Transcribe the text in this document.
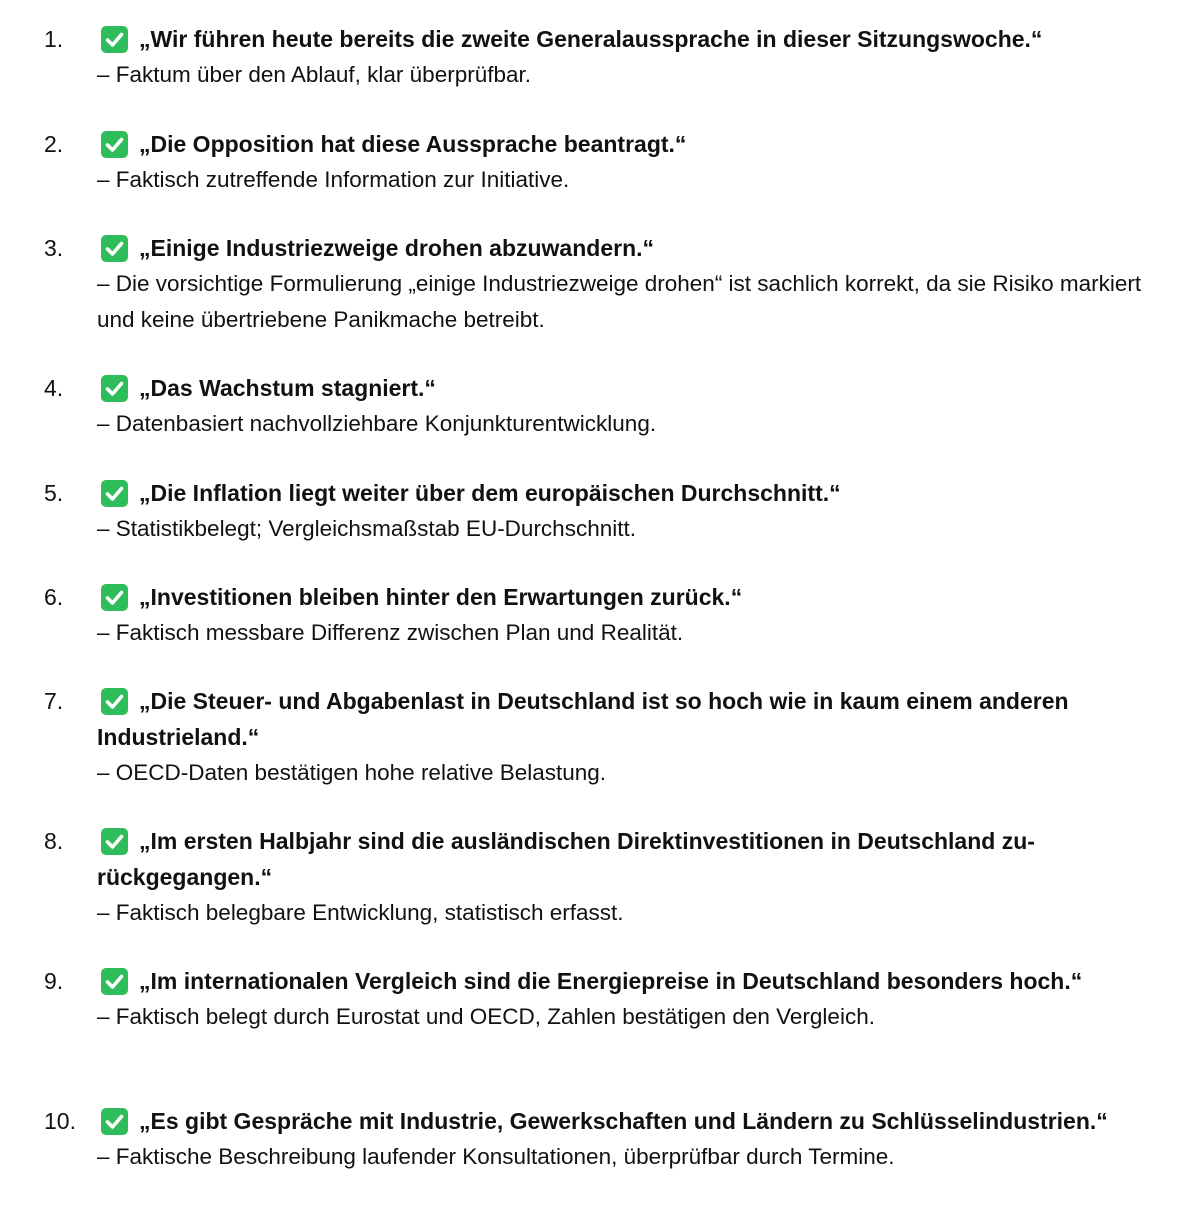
1.	„Wir führen heute bereits die zweite Generalaussprache in dieser Sitzungswoche.“

– Faktum über den Ablauf, klar überprüfbar.

2.	„Die Opposition hat diese Aussprache beantragt.“

– Faktisch zutreffende Information zur Initiative.

3.	„Einige Industriezweige drohen abzuwandern.“

– Die vorsichtige Formulierung „einige Industriezweige drohen“ ist sachlich korrekt, da sie Risiko markiert und keine übertriebene Panikmache betreibt.

4.	„Das Wachstum stagniert.“

– Datenbasiert nachvollziehbare Konjunkturentwicklung.

5.	„Die Inflation liegt weiter über dem europäischen Durchschnitt.“

– Statistikbelegt; Vergleichsmaßstab EU-Durchschnitt.

6.	„Investitionen bleiben hinter den Erwartungen zurück.“

– Faktisch messbare Differenz zwischen Plan und Realität.

7.	„Die Steuer- und Abgabenlast in Deutschland ist so hoch wie in kaum einem anderen Industrieland.“

– OECD-Daten bestätigen hohe relative Belastung.

8.	„Im ersten Halbjahr sind die ausländischen Direktinvestitionen in Deutschland zurückgegangen.“

– Faktisch belegbare Entwicklung, statistisch erfasst.

9.	„Im internationalen Vergleich sind die Energiepreise in Deutschland besonders hoch.“

– Faktisch belegt durch Eurostat und OECD, Zahlen bestätigen den Vergleich.

10.	„Es gibt Gespräche mit Industrie, Gewerkschaften und Ländern zu Schlüsselindustrien.“

– Faktische Beschreibung laufender Konsultationen, überprüfbar durch Termine.
